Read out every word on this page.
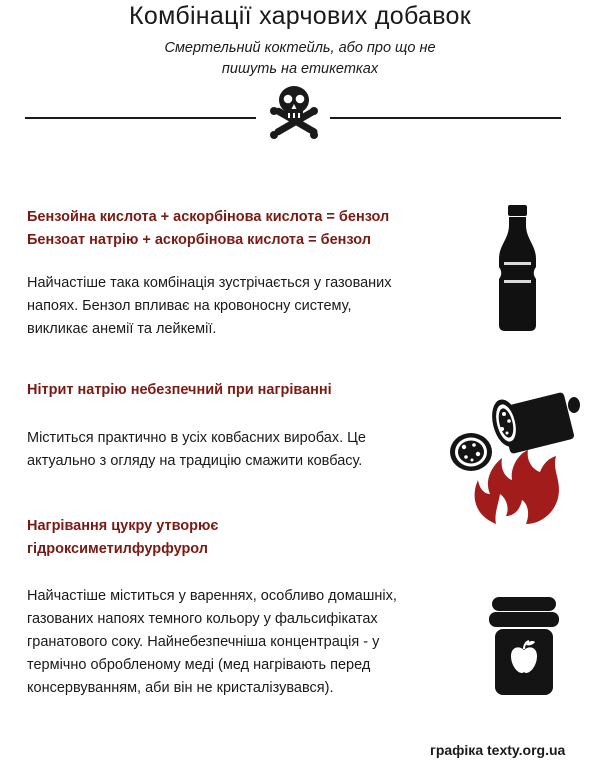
Комбінації харчових добавок
Смертельний коктейль, або про що не
пишуть на етикетках
Бензойна кислота + аскорбінова кислота = бензол
Бензоат натрію + аскорбінова кислота = бензол
Найчастіше така комбінація зустрічається у газованих
напоях. Бензол впливає на кровоносну систему,
викликає анемії та лейкемії.
Нітрит натрію небезпечний при нагріванні
Міститься практично в усіх ковбасних виробах. Це
актуально з огляду на традицію смажити ковбасу.
Нагрівання цукру утворює
гідроксиметилфурфурол
Найчастіше міститься у варeннях, особливо домашніх,
газованих напоях темного кольору у фальсифікатах
гранатового соку. Найнебезпечніша концентрація - у
термічно обробленому меді (мед нагрівають перед
консервуванням, аби він не кристалізувався).
графіка texty.org.ua
